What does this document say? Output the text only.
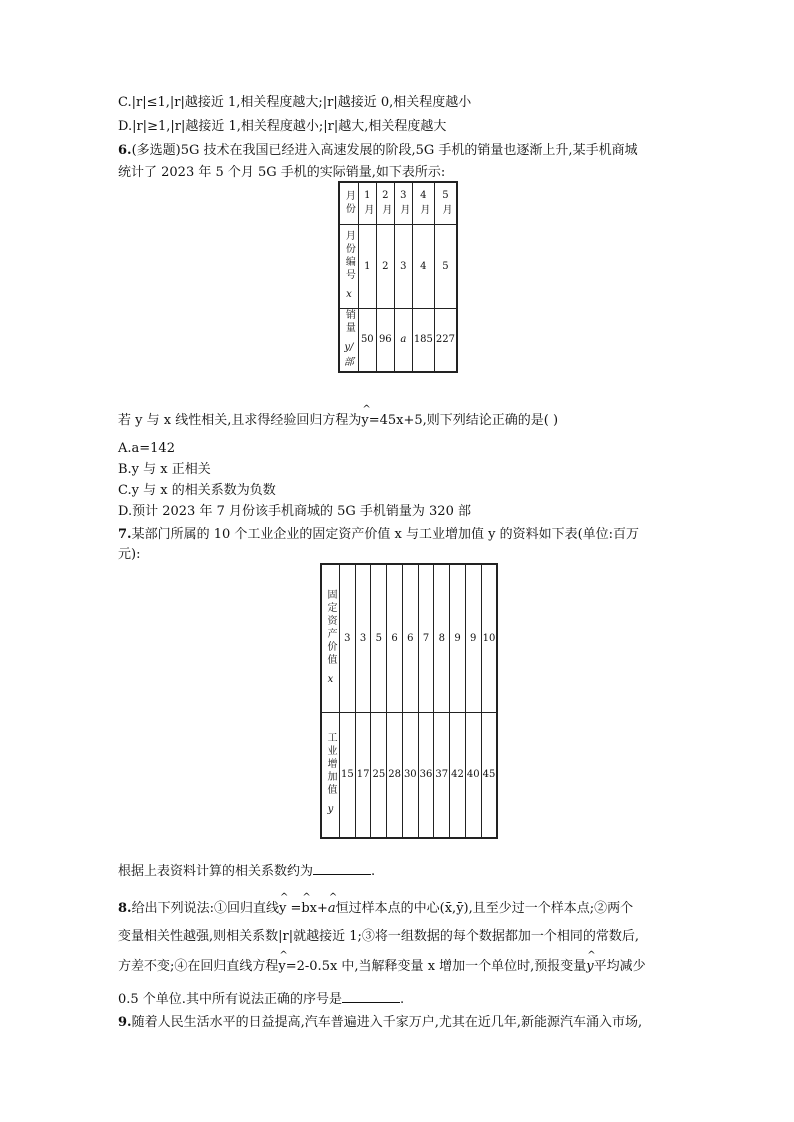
C.|r|≤1,|r|越接近 1,相关程度越大;|r|越接近 0,相关程度越小
D.|r|≥1,|r|越接近 1,相关程度越小;|r|越大,相关程度越大
6.(多选题)5G 技术在我国已经进入高速发展的阶段,5G 手机的销量也逐渐上升,某手机商城
统计了 2023 年 5 个月 5G 手机的实际销量,如下表所示:
月份	1月	2月	3月	4月	5月
月份编号
x	1	2	3	4	5
销量
y/部	50	96	a	185	227
若 y 与 x 线性相关,且求得经验回归方程为^ y=45x+5,则下列结论正确的是( )
A.a=142
B.y 与 x 正相关
C.y 与 x 的相关系数为负数
D.预计 2023 年 7 月份该手机商城的 5G 手机销量为 320 部
7.某部门所属的 10 个工业企业的固定资产价值 x 与工业增加值 y 的资料如下表(单位:百万
元):
固定资产价值
x	3	3	5	6	6	7	8	9	9	10
工业增加值
y	15	17	25	28	30	36	37	42	40	45
根据上表资料计算的相关系数约为	.
8.给出下列说法:①回归直线^ y =^ bx+^ a恒过样本点的中心(x̄,ȳ),且至少过一个样本点;②两个
变量相关性越强,则相关系数|r|就越接近 1;③将一组数据的每个数据都加一个相同的常数后,
方差不变;④在回归直线方程^ y=2-0.5x 中,当解释变量 x 增加一个单位时,预报变量^ y平均减少
0.5 个单位.其中所有说法正确的序号是	.
9.随着人民生活水平的日益提高,汽车普遍进入千家万户,尤其在近几年,新能源汽车涌入市场,
